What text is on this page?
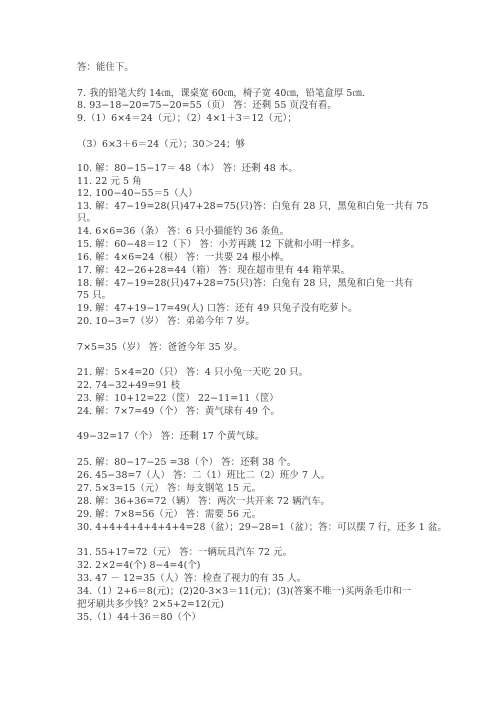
答：能住下。
7. 我的铅笔大约 14㎝，课桌宽 60㎝，椅子宽 40㎝，铅笔盒厚 5㎝.
8. 93−18−20=75−20=55（页） 答：还剩 55 页没有看。
9.（1）6×4＝24（元）；（2）4×1＋3＝12（元）；
（3）6×3＋6＝24（元）；30＞24；够
10. 解：80−15−17＝ 48（本） 答：还剩 48 本。
11. 22 元 5 角
12. 100−40−55＝5（人）
13. 解：47−19=28(只)47+28=75(只)答：白兔有 28 只，黑兔和白兔一共有 75
只。
14. 6×6=36（条） 答：6 只小猫能钓 36 条鱼。
15. 解：60−48＝12（下） 答：小芳再跳 12 下就和小明一样多。
16. 解：4×6=24（根） 答：一共要 24 根小棒。
17. 解：42−26+28=44（箱） 答：现在超市里有 44 箱苹果。
18. 解：47−19=28(只)47+28=75(只)答：白兔有 28 只，黑兔和白兔一共有
75 只。
19. 解：47+19−17=49(人) 口答：还有 49 只兔子没有吃萝卜。
20. 10−3=7（岁） 答：弟弟今年 7 岁。
7×5=35（岁） 答：爸爸今年 35 岁。
21. 解：5×4=20（只） 答：4 只小兔一天吃 20 只。
22. 74−32+49=91 枝
23. 解：10+12=22（筐） 22−11=11（筐）
24. 解：7×7=49（个） 答：黄气球有 49 个。
49−32=17（个） 答：还剩 17 个黄气球。
25. 解：80−17−25 =38（个） 答：还剩 38 个。
26. 45−38=7（人） 答：二（1）班比二（2）班少 7 人。
27. 5×3=15（元） 答：每支钢笔 15 元。
28. 解：36+36=72（辆） 答：两次一共开来 72 辆汽车。
29. 解：7×8=56（元） 答：需要 56 元。
30. 4+4+4+4+4+4+4=28（盆）；29−28=1（盆）；答：可以摆 7 行，还多 1 盆。
31. 55+17=72（元） 答：一辆玩具汽车 72 元。
32. 2×2=4(个) 8−4=4(个)
33. 47 － 12=35（人）答：检查了视力的有 35 人。
34.（1）2+6＝8(元)；(2)20-3×3＝11(元)；(3)(答案不唯一)买两条毛巾和一
把牙刷共多少钱？2×5+2=12(元)
35.（1）44＋36＝80（个）
